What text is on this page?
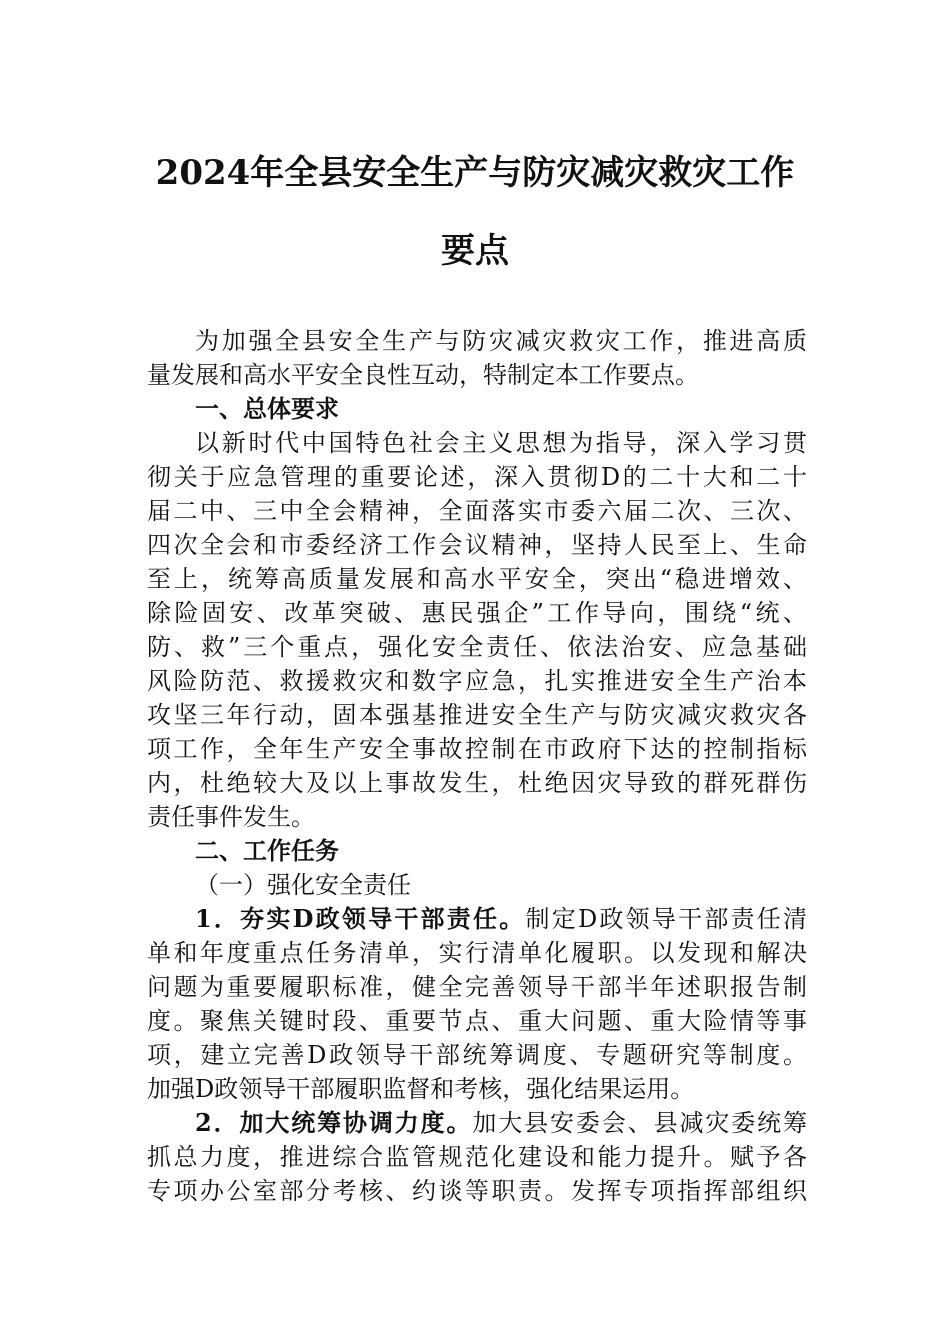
2024年全县安全生产与防灾减灾救灾工作
要点
为加强全县安全生产与防灾减灾救灾工作，推进高质
量发展和高水平安全良性互动，特制定本工作要点。
一、总体要求
以新时代中国特色社会主义思想为指导，深入学习贯
彻关于应急管理的重要论述，深入贯彻D的二十大和二十
届二中、三中全会精神，全面落实市委六届二次、三次、
四次全会和市委经济工作会议精神，坚持人民至上、生命
至上，统筹高质量发展和高水平安全，突出“稳进增效、
除险固安、改革突破、惠民强企”工作导向，围绕“统、
防、救”三个重点，强化安全责任、依法治安、应急基础
风险防范、救援救灾和数字应急，扎实推进安全生产治本
攻坚三年行动，固本强基推进安全生产与防灾减灾救灾各
项工作，全年生产安全事故控制在市政府下达的控制指标
内，杜绝较大及以上事故发生，杜绝因灾导致的群死群伤
责任事件发生。
二、工作任务
（一）强化安全责任
1．夯实D政领导干部责任。制定D政领导干部责任清
单和年度重点任务清单，实行清单化履职。以发现和解决
问题为重要履职标准，健全完善领导干部半年述职报告制
度。聚焦关键时段、重要节点、重大问题、重大险情等事
项，建立完善D政领导干部统筹调度、专题研究等制度。
加强D政领导干部履职监督和考核，强化结果运用。
2．加大统筹协调力度。加大县安委会、县减灾委统筹
抓总力度，推进综合监管规范化建设和能力提升。赋予各
专项办公室部分考核、约谈等职责。发挥专项指挥部组织
